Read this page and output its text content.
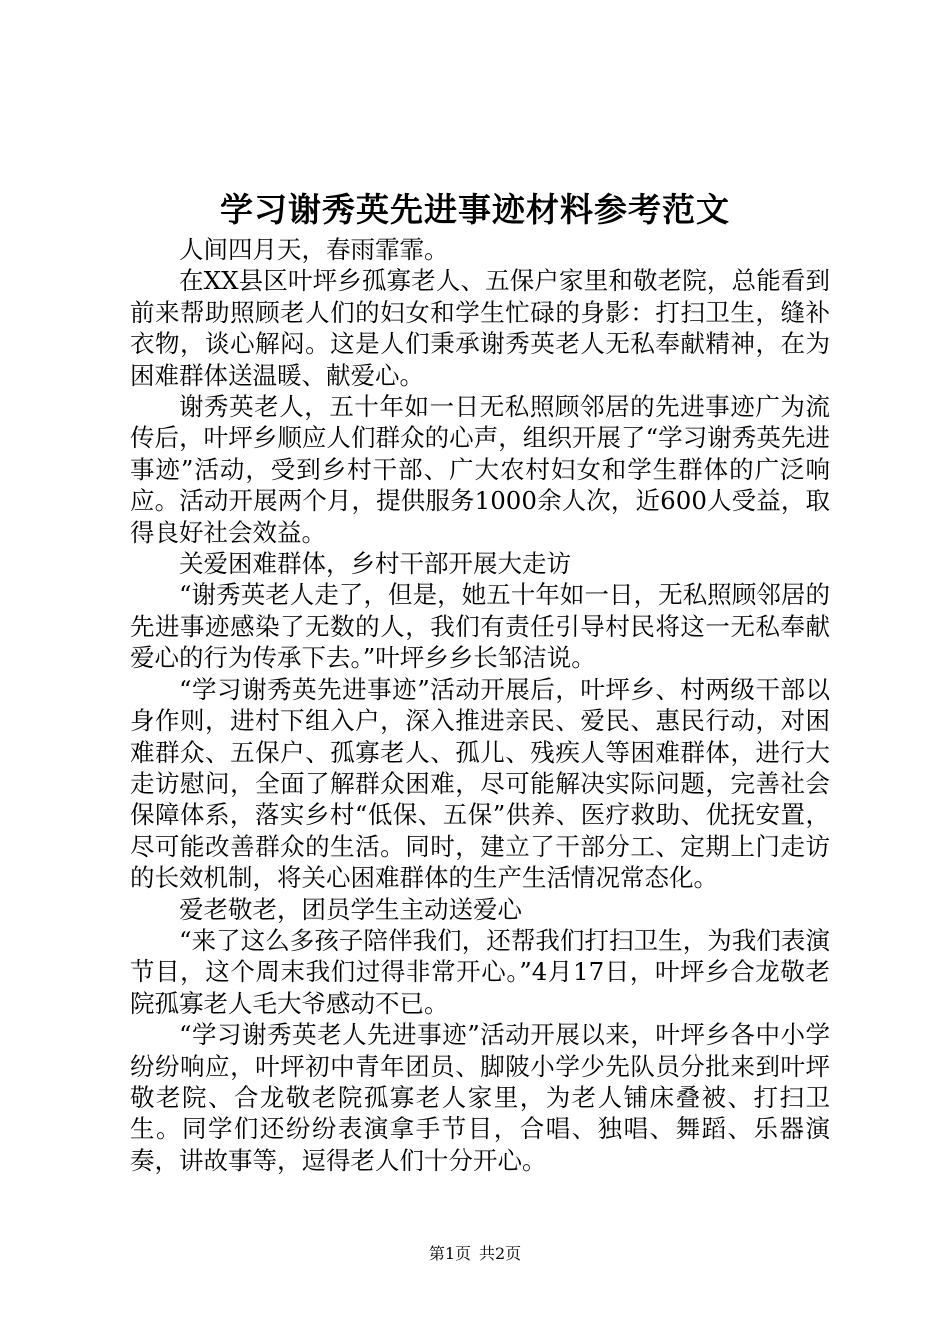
学习谢秀英先进事迹材料参考范文

人间四月天，春雨霏霏。

在XX县区叶坪乡孤寡老人、五保户家里和敬老院，总能看到前来帮助照顾老人们的妇女和学生忙碌的身影：打扫卫生，缝补衣物，谈心解闷。这是人们秉承谢秀英老人无私奉献精神，在为困难群体送温暖、献爱心。

谢秀英老人，五十年如一日无私照顾邻居的先进事迹广为流传后，叶坪乡顺应人们群众的心声，组织开展了“学习谢秀英先进事迹”活动，受到乡村干部、广大农村妇女和学生群体的广泛响应。活动开展两个月，提供服务1000余人次，近600人受益，取得良好社会效益。

关爱困难群体，乡村干部开展大走访

“谢秀英老人走了，但是，她五十年如一日，无私照顾邻居的先进事迹感染了无数的人，我们有责任引导村民将这一无私奉献爱心的行为传承下去。”叶坪乡乡长邹洁说。

“学习谢秀英先进事迹”活动开展后，叶坪乡、村两级干部以身作则，进村下组入户，深入推进亲民、爱民、惠民行动，对困难群众、五保户、孤寡老人、孤儿、残疾人等困难群体，进行大走访慰问，全面了解群众困难，尽可能解决实际问题，完善社会保障体系，落实乡村“低保、五保”供养、医疗救助、优抚安置，尽可能改善群众的生活。同时，建立了干部分工、定期上门走访的长效机制，将关心困难群体的生产生活情况常态化。

爱老敬老，团员学生主动送爱心

“来了这么多孩子陪伴我们，还帮我们打扫卫生，为我们表演节目，这个周末我们过得非常开心。”4月17日，叶坪乡合龙敬老院孤寡老人毛大爷感动不已。

“学习谢秀英老人先进事迹”活动开展以来，叶坪乡各中小学纷纷响应，叶坪初中青年团员、脚陂小学少先队员分批来到叶坪敬老院、合龙敬老院孤寡老人家里，为老人铺床叠被、打扫卫生。同学们还纷纷表演拿手节目，合唱、独唱、舞蹈、乐器演奏，讲故事等，逗得老人们十分开心。

第1页 共2页
